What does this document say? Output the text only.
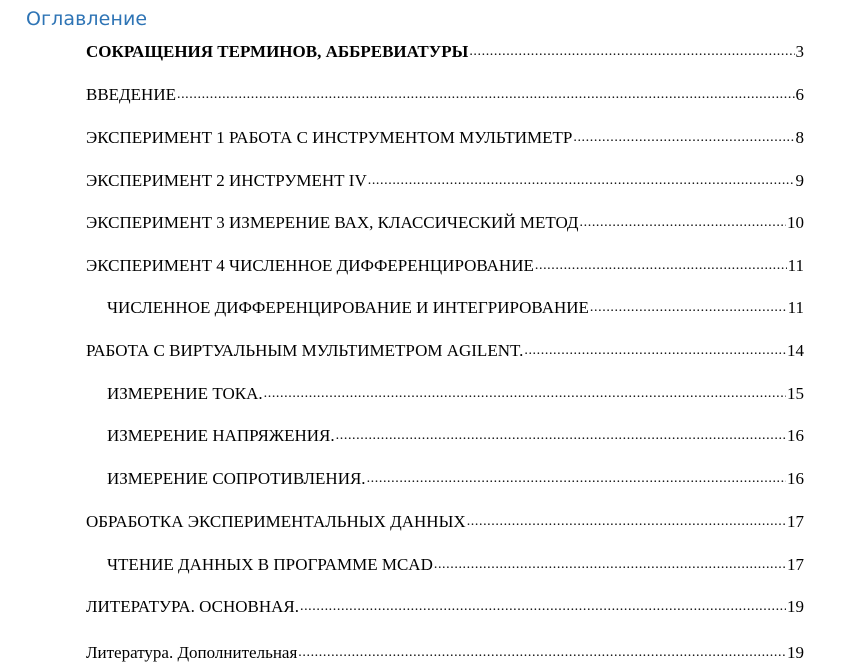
Оглавление
СОКРАЩЕНИЯ ТЕРМИНОВ, АББРЕВИАТУРЫ .....	3
ВВЕДЕНИЕ .....	6
ЭКСПЕРИМЕНТ 1 РАБОТА С ИНСТРУМЕНТОМ МУЛЬТИМЕТР .....	8
ЭКСПЕРИМЕНТ 2 ИНСТРУМЕНТ IV .....	9
ЭКСПЕРИМЕНТ 3 ИЗМЕРЕНИЕ ВАХ, КЛАССИЧЕСКИЙ МЕТОД .....	10
ЭКСПЕРИМЕНТ 4 ЧИСЛЕННОЕ ДИФФЕРЕНЦИРОВАНИЕ .....	11
ЧИСЛЕННОЕ ДИФФЕРЕНЦИРОВАНИЕ И ИНТЕГРИРОВАНИЕ .....	11
РАБОТА С ВИРТУАЛЬНЫМ МУЛЬТИМЕТРОМ AGILENT. .....	14
ИЗМЕРЕНИЕ ТОКА. .....	15
ИЗМЕРЕНИЕ НАПРЯЖЕНИЯ. .....	16
ИЗМЕРЕНИЕ СОПРОТИВЛЕНИЯ. .....	16
ОБРАБОТКА ЭКСПЕРИМЕНТАЛЬНЫХ ДАННЫХ .....	17
ЧТЕНИЕ ДАННЫХ В ПРОГРАММЕ MCAD .....	17
ЛИТЕРАТУРА. ОСНОВНАЯ. .....	19
Литература. Дополнительная .....	19
